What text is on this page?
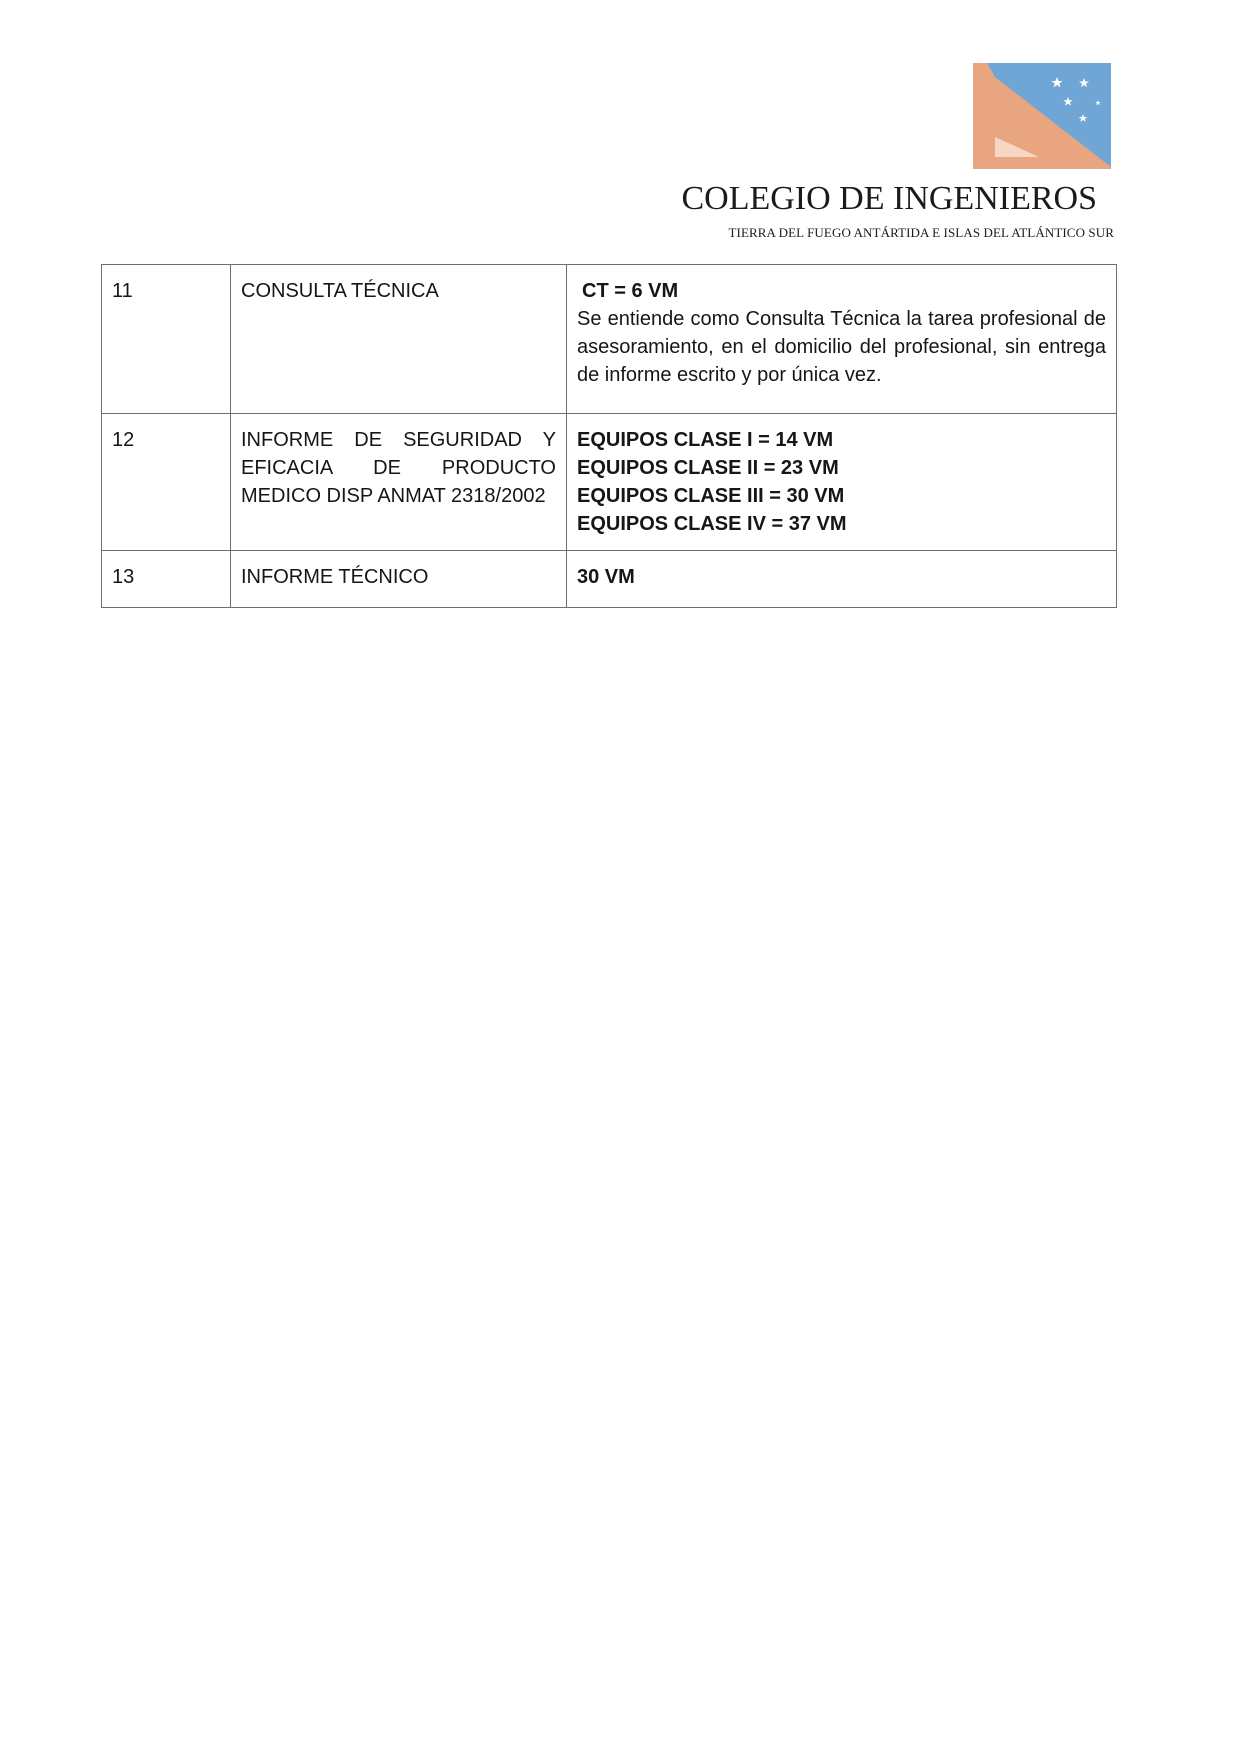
COLEGIO DE INGENIEROS
TIERRA DEL FUEGO ANTÁRTIDA E ISLAS DEL ATLÁNTICO SUR
11	CONSULTA TÉCNICA	CT = 6 VM
Se entiende como Consulta Técnica la tarea profesional de asesoramiento, en el domicilio del profesional, sin entrega de informe escrito y por única vez.

12	INFORME DE SEGURIDAD Y EFICACIA DE PRODUCTO MEDICO DISP ANMAT 2318/2002	EQUIPOS CLASE I = 14 VM
EQUIPOS CLASE II = 23 VM
EQUIPOS CLASE III = 30 VM
EQUIPOS CLASE IV = 37 VM

13	INFORME TÉCNICO	30 VM
